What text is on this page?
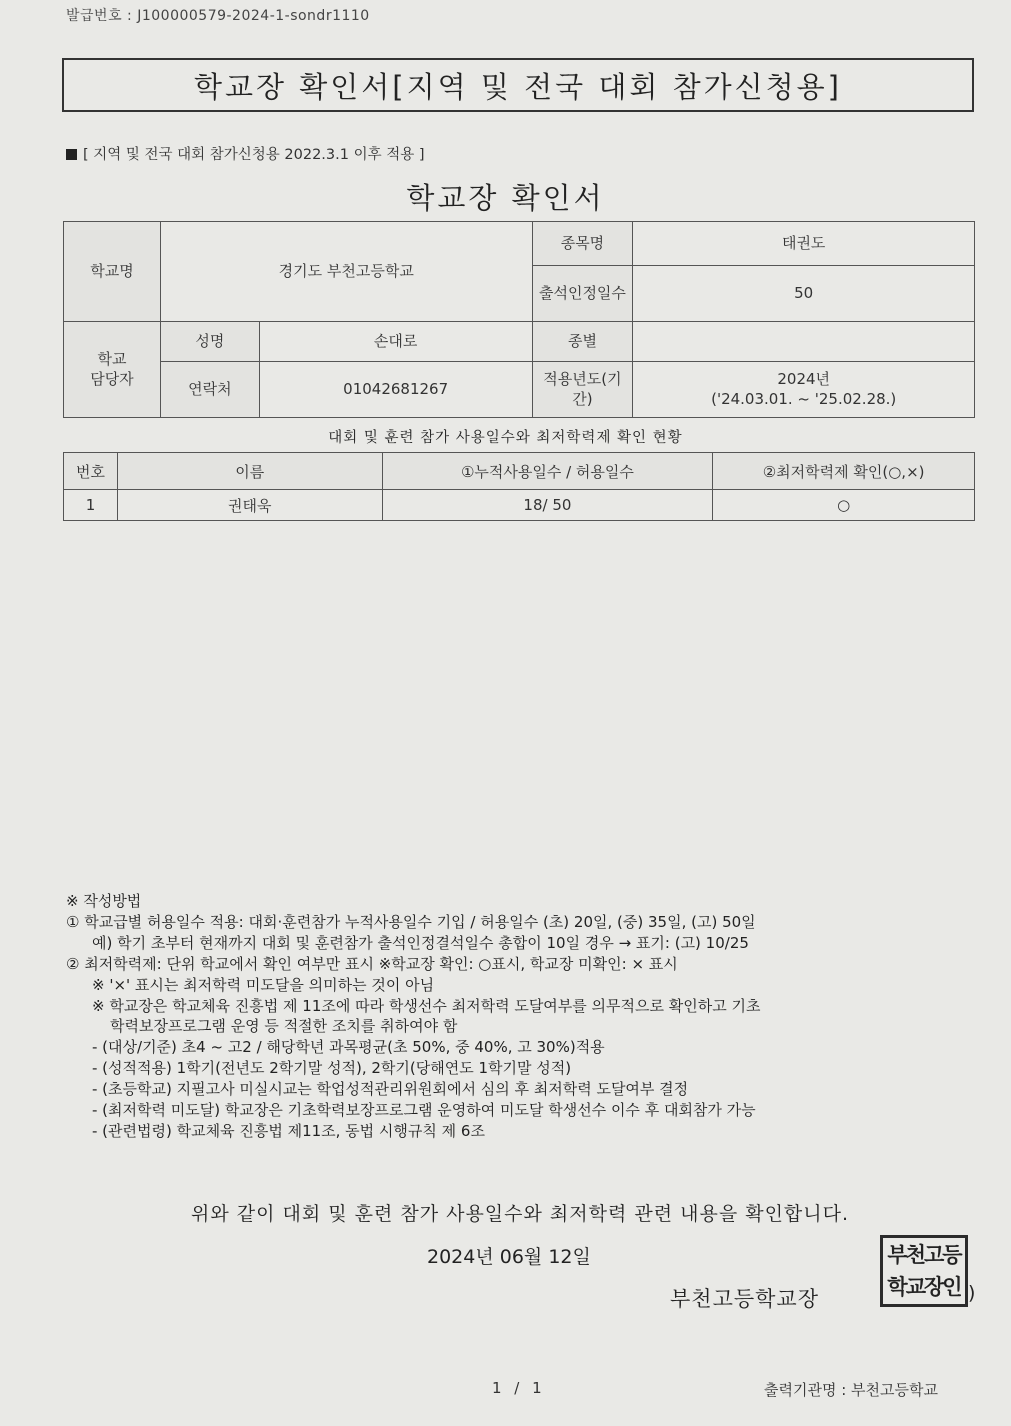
발급번호 : J100000579-2024-1-sondr1110
학교장 확인서[지역 및 전국 대회 참가신청용]
[ 지역 및 전국 대회 참가신청용 2022.3.1 이후 적용 ]
학교장 확인서
학교명	경기도 부천고등학교		종목명	태권도
			출석인정일수	50

학교 담당자	성명	손대로	종별	
	연락처	01042681267	적용년도(기간)	2024년
('24.03.01. ~ '25.02.28.)
대회 및 훈련 참가 사용일수와 최저학력제 확인 현황
번호	이름	①누적사용일수 / 허용일수	②최저학력제 확인(○,×)
1	권태욱	18/ 50	○
※ 작성방법
① 학교급별 허용일수 적용: 대회·훈련참가 누적사용일수 기입 / 허용일수 (초) 20일, (중) 35일, (고) 50일
예) 학기 초부터 현재까지 대회 및 훈련참가 출석인정결석일수 총합이 10일 경우 → 표기: (고) 10/25
② 최저학력제: 단위 학교에서 확인 여부만 표시 ※학교장 확인: ○표시, 학교장 미확인: × 표시
※ '×' 표시는 최저학력 미도달을 의미하는 것이 아님
※ 학교장은 학교체육 진흥법 제 11조에 따라 학생선수 최저학력 도달여부를 의무적으로 확인하고 기초
학력보장프로그램 운영 등 적절한 조치를 취하여야 함
- (대상/기준) 초4 ~ 고2 / 해당학년 과목평균(초 50%, 중 40%, 고 30%)적용
- (성적적용) 1학기(전년도 2학기말 성적), 2학기(당해연도 1학기말 성적)
- (초등학교) 지필고사 미실시교는 학업성적관리위원회에서 심의 후 최저학력 도달여부 결정
- (최저학력 미도달) 학교장은 기초학력보장프로그램 운영하여 미도달 학생선수 이수 후 대회참가 가능
- (관련법령) 학교체육 진흥법 제11조, 동법 시행규칙 제 6조
위와 같이 대회 및 훈련 참가 사용일수와 최저학력 관련 내용을 확인합니다.
2024년 06월 12일
부천고등학교장
부천고등
학교장인 )
1 / 1	출력기관명 : 부천고등학교
